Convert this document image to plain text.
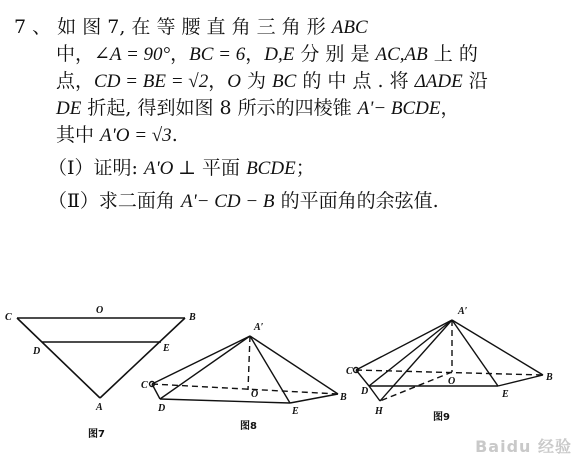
7 、 如 图 7, 在 等 腰 直 角 三 角 形 ABC
中，∠A = 90°，BC = 6，D,E 分 别 是 AC,AB 上 的
点，CD = BE = √2，O 为 BC 的 中 点 . 将 ΔADE 沿
DE 折起, 得到如图 8 所示的四棱锥 A'− BCDE，
其中 A'O = √3.
（Ⅰ）证明: A'O ⊥ 平面 BCDE；
（Ⅱ）求二面角 A'− CD − B 的平面角的余弦值.
C
O
B
D	E
A
图7
A′
C
O	B
D	E
图8
A′
C
O	B
D	E
H
图9
Baidu 经验
